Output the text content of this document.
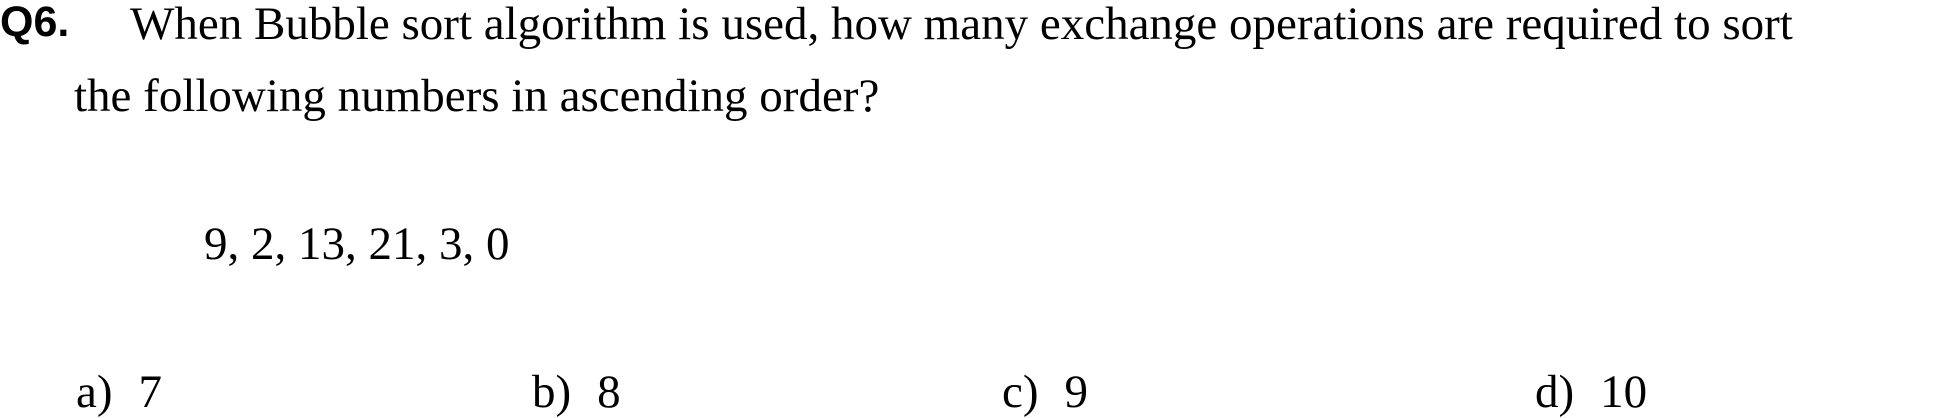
Q6. When Bubble sort algorithm is used, how many exchange operations are required to sort
the following numbers in ascending order?
9, 2, 13, 21, 3, 0
a) 7	b) 8	c) 9	d) 10
